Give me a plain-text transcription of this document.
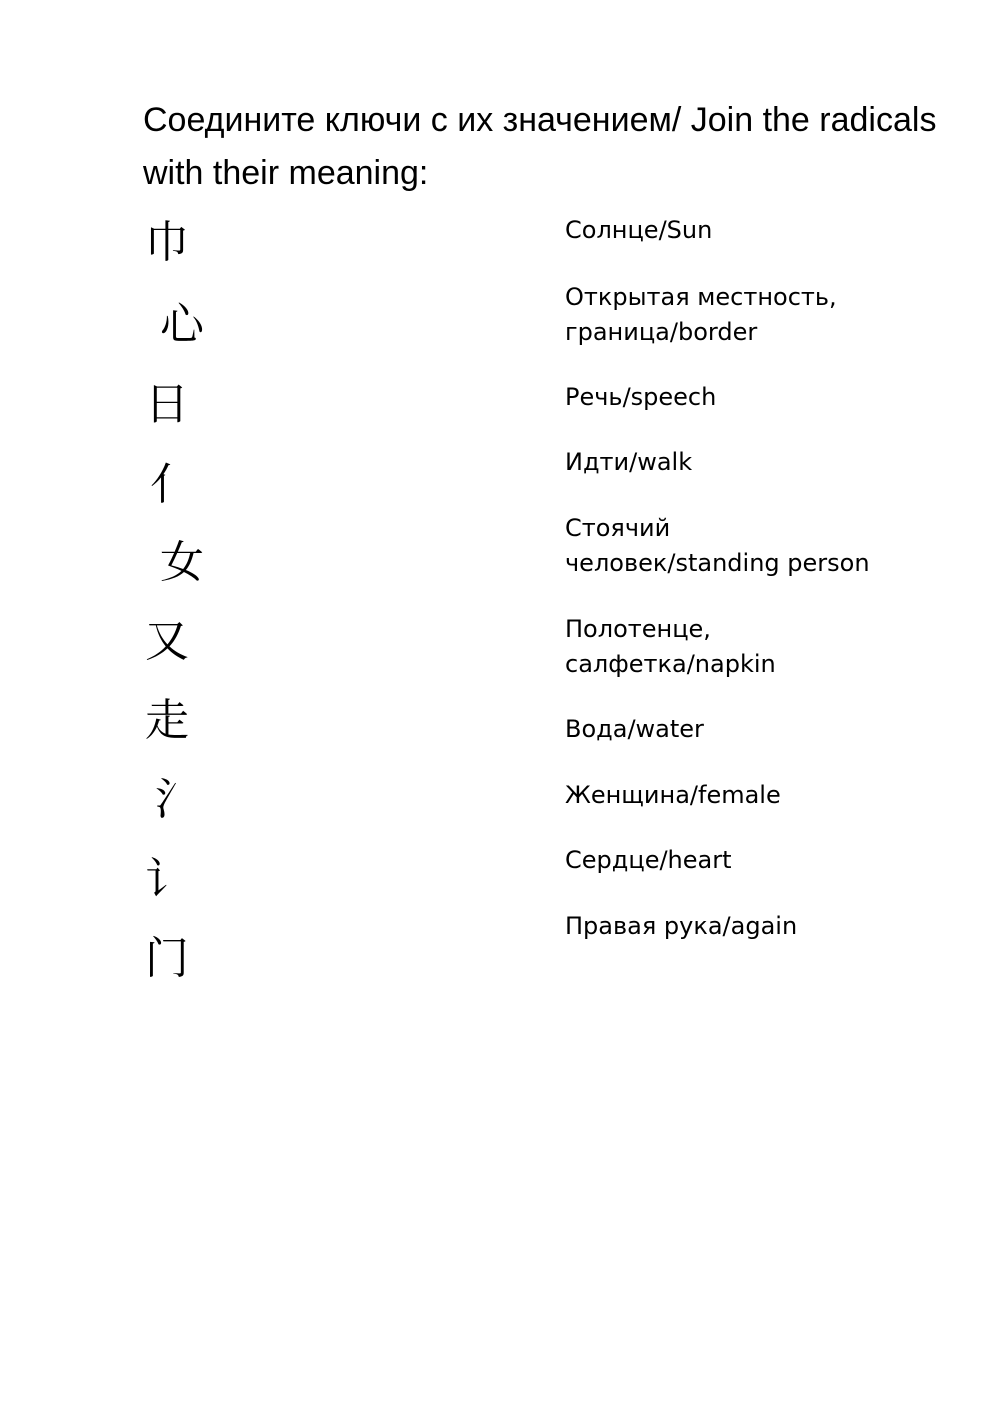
Соедините ключи с их значением/ Join the radicals with their meaning:
巾
心
日
亻
女
又
走
氵
讠
门
Солнце/Sun
Открытая местность,
граница/border
Речь/speech
Идти/walk
Стоячий
человек/standing person
Полотенце,
салфетка/napkin
Вода/water
Женщина/female
Сердце/heart
Правая рука/again
